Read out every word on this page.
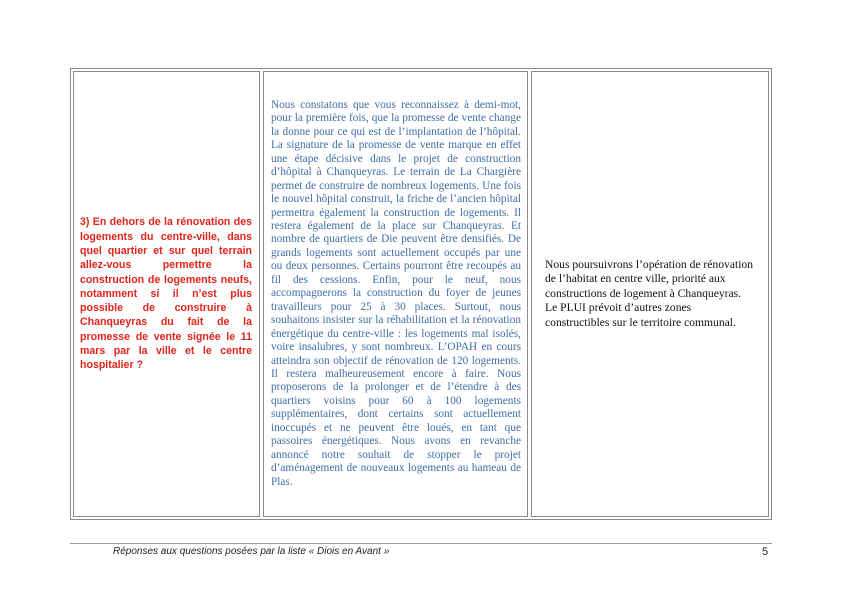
3) En dehors de la rénovation des logements du centre-ville, dans quel quartier et sur quel terrain allez-vous permettre la construction de logements neufs, notamment si il n’est plus possible de construire à Chanqueyras du fait de la promesse de vente signée le 11 mars par la ville et le centre hospitalier ?

Nous constatons que vous reconnaissez à demi-mot, pour la première fois, que la promesse de vente change la donne pour ce qui est de l’implantation de l’hôpital. La signature de la promesse de vente marque en effet une étape décisive dans le projet de construction d’hôpital à Chanqueyras. Le terrain de La Chargière permet de construire de nombreux logements. Une fois le nouvel hôpital construit, la friche de l’ancien hôpital permettra également la construction de logements. Il restera également de la place sur Chanqueyras. Et nombre de quartiers de Die peuvent être densifiés. De grands logements sont actuellement occupés par une ou deux personnes. Certains pourront être recoupés au fil des cessions. Enfin, pour le neuf, nous accompagnerons la construction du foyer de jeunes travailleurs pour 25 à 30 places. Surtout, nous souhaitons insister sur la réhabilitation et la rénovation énergétique du centre-ville : les logements mal isolés, voire insalubres, y sont nombreux. L’OPAH en cours atteindra son objectif de rénovation de 120 logements. Il restera malheureusement encore à faire. Nous proposerons de la prolonger et de l’étendre à des quartiers voisins pour 60 à 100 logements supplémentaires, dont certains sont actuellement inoccupés et ne peuvent être loués, en tant que passoires énergétiques. Nous avons en revanche annoncé notre souhait de stopper le projet d’aménagement de nouveaux logements au hameau de Plas.

Nous poursuivrons l’opération de rénovation de l’habitat en centre ville, priorité aux constructions de logement à Chanqueyras. Le PLUI prévoit d’autres zones constructibles sur le territoire communal.

Réponses aux questions posées par la liste « Diois en Avant »	5
